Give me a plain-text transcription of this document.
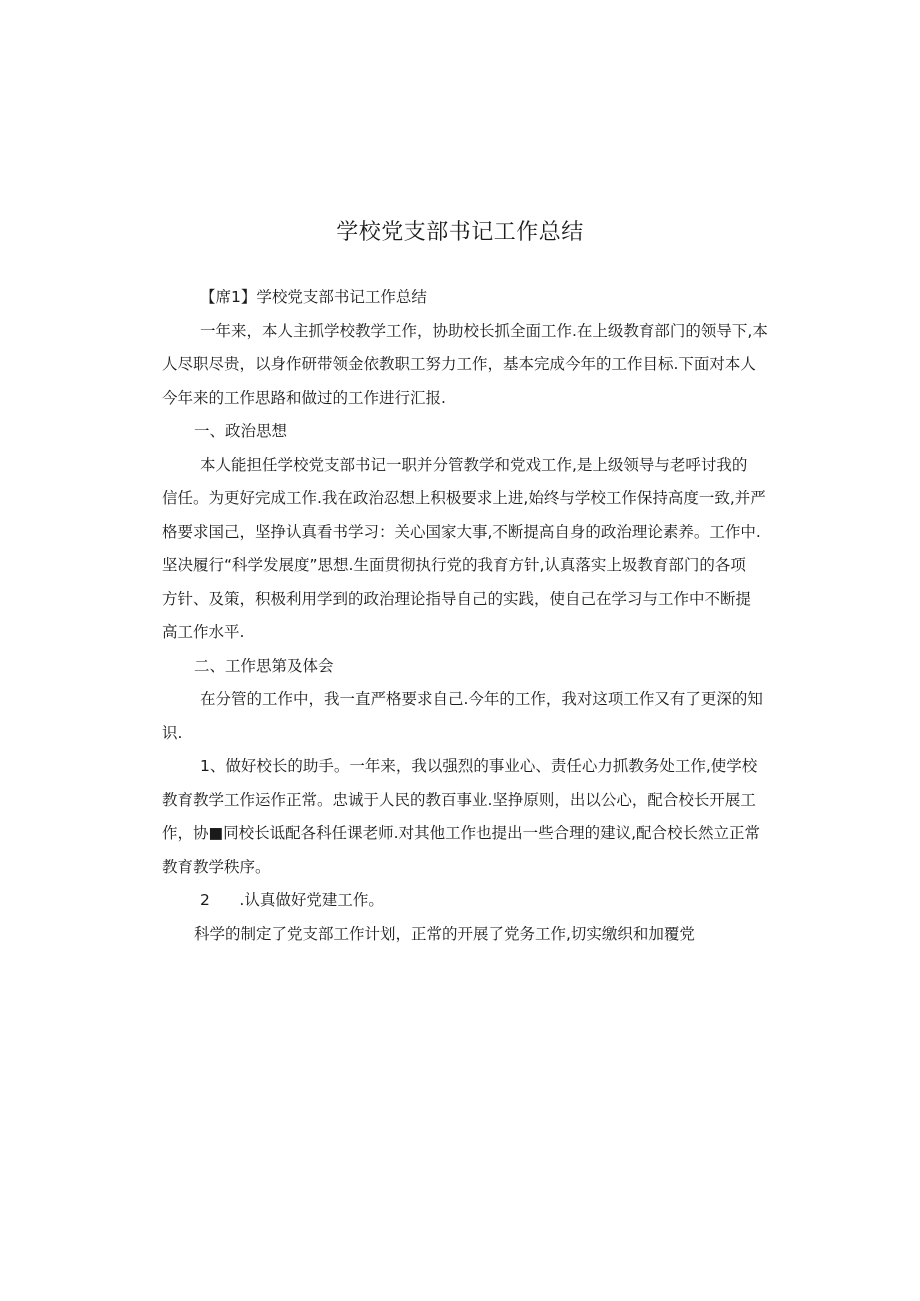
学校党支部书记工作总结
【席1】学校党支部书记工作总结
一年来，本人主抓学校教学工作，协助校长抓全面工作.在上级教育部门的领导下,本
人尽职尽贵，以身作研带领金依教职工努力工作，基本完成今年的工作目标.下面对本人
今年来的工作思路和做过的工作进行汇报.
一、政治思想
本人能担任学校党支部书记一职并分管教学和党戏工作,是上级领导与老呼讨我的
信任。为更好完成工作.我在政治忍想上积极要求上进,始终与学校工作保持高度一致,并严
格要求国己，坚挣认真看书学习：关心国家大事,不断提高自身的政治理论素养。工作中.
坚决履行“科学发展度”思想.生面贯彻执行党的我育方针,认真落实上圾教育部门的各项
方针、及策，积极利用学到的政治理论指导自己的实践，使自己在学习与工作中不断提
高工作水平.
二、工作思第及体会
在分管的工作中，我一直严格要求自己.今年的工作，我对这项工作又有了更深的知
识.
1、做好校长的助手。一年来，我以强烈的事业心、责任心力抓教务处工作,使学校
教育教学工作运作正常。忠诚于人民的教百事业.坚挣原则，出以公心，配合校长开展工
作，协■同校长诋配各科任课老师.对其他工作也提出一些合理的建议,配合校长然立正常
教育教学秩序。
2	.认真做好党建工作。
科学的制定了党支部工作计划，正常的开展了党务工作,切实缴织和加覆党
